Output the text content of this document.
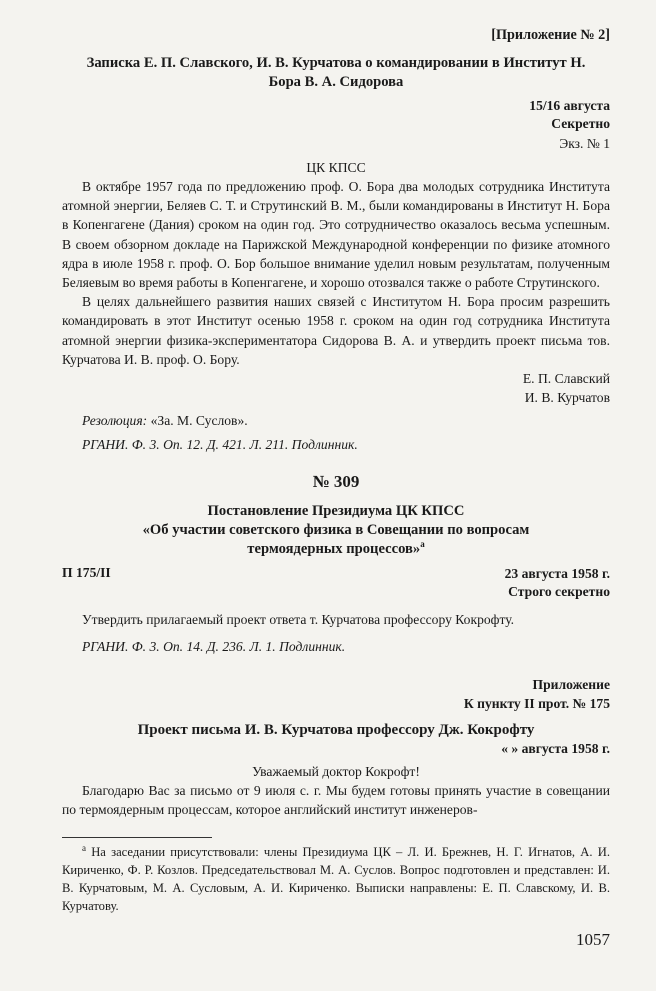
[Приложение № 2]

Записка Е. П. Славского, И. В. Курчатова о командировании в Институт Н. Бора В. А. Сидорова

15/16 августа

Секретно

Экз. № 1

ЦК КПСС

В октябре 1957 года по предложению проф. О. Бора два молодых сотрудника Института атомной энергии, Беляев С. Т. и Струтинский В. М., были командированы в Институт Н. Бора в Копенгагене (Дания) сроком на один год. Это сотрудничество оказалось весьма успешным. В своем обзорном докладе на Парижской Международной конференции по физике атомного ядра в июле 1958 г. проф. О. Бор большое внимание уделил новым результатам, полученным Беляевым во время работы в Копенгагене, и хорошо отозвался также о работе Струтинского.

В целях дальнейшего развития наших связей с Институтом Н. Бора просим разрешить командировать в этот Институт осенью 1958 г. сроком на один год сотрудника Института атомной энергии физика-экспериментатора Сидорова В. А. и утвердить проект письма тов. Курчатова И. В. проф. О. Бору.

Е. П. Славский

И. В. Курчатов

Резолюция: «За. М. Суслов».

РГАНИ. Ф. 3. Оп. 12. Д. 421. Л. 211. Подлинник.

№ 309

Постановление Президиума ЦК КПСС

«Об участии советского физика в Совещании по вопросам

термоядерных процессов»$^а$

П 175/II	23 августа 1958 г.

Строго секретно

Утвердить прилагаемый проект ответа т. Курчатова профессору Кокрофту.

РГАНИ. Ф. 3. Оп. 14. Д. 236. Л. 1. Подлинник.

Приложение

К пункту II прот. № 175

Проект письма И. В. Курчатова профессору Дж. Кокрофту

« » августа 1958 г.

Уважаемый доктор Кокрофт!

Благодарю Вас за письмо от 9 июля с. г. Мы будем готовы принять участие в совещании по термоядерным процессам, которое английский институт инженеров-

$^а$ На заседании присутствовали: члены Президиума ЦК – Л. И. Брежнев, Н. Г. Игнатов, А. И. Кириченко, Ф. Р. Козлов. Председательствовал М. А. Суслов. Вопрос подготовлен и представлен: И. В. Курчатовым, М. А. Сусловым, А. И. Кириченко. Выписки направлены: Е. П. Славскому, И. В. Курчатову.

1057
